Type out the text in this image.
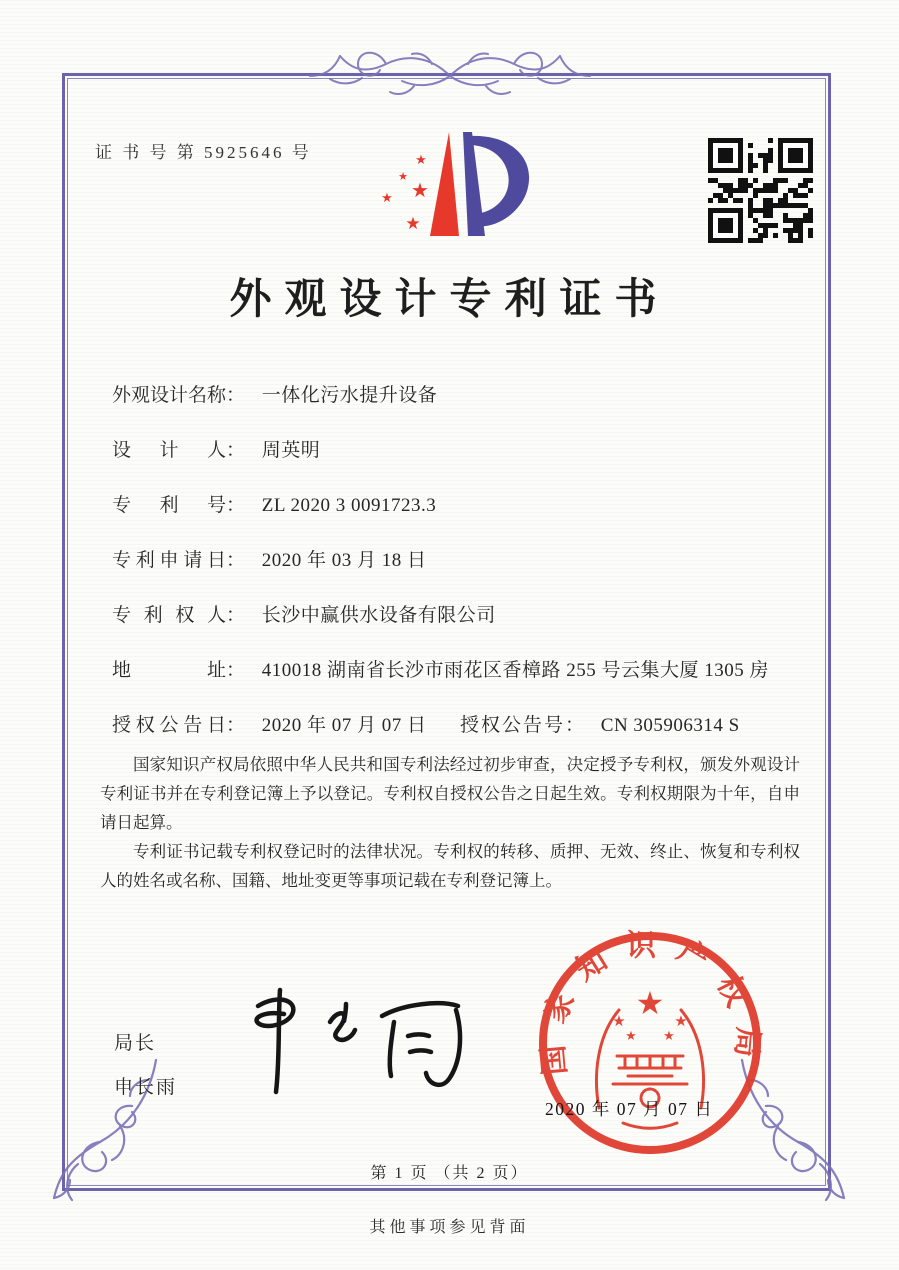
证 书 号 第 5925646 号	★
★
★
★
★
外观设计专利证书
外观设计名称： 一体化污水提升设备
设计人： 周英明
专利号： ZL 2020 3 0091723.3
专利申请日： 2020 年 03 月 18 日
专利权人： 长沙中赢供水设备有限公司
地址： 410018 湖南省长沙市雨花区香樟路 255 号云集大厦 1305 房
授权公告日： 2020 年 07 月 07 日 授权公告号： CN 305906314 S

国家知识产权局依照中华人民共和国专利法经过初步审查，决定授予专利权，颁发外观设计专利证书并在专利登记簿上予以登记。专利权自授权公告之日起生效。专利权期限为十年，自申请日起算。

专利证书记载专利权登记时的法律状况。专利权的转移、质押、无效、终止、恢复和专利权人的姓名或名称、国籍、地址变更等事项记载在专利登记簿上。

局长
申长雨
国家知识产权局
★
★	★
★ ★
2020 年 07 月 07 日
第 1 页 （共 2 页）
其他事项参见背面
